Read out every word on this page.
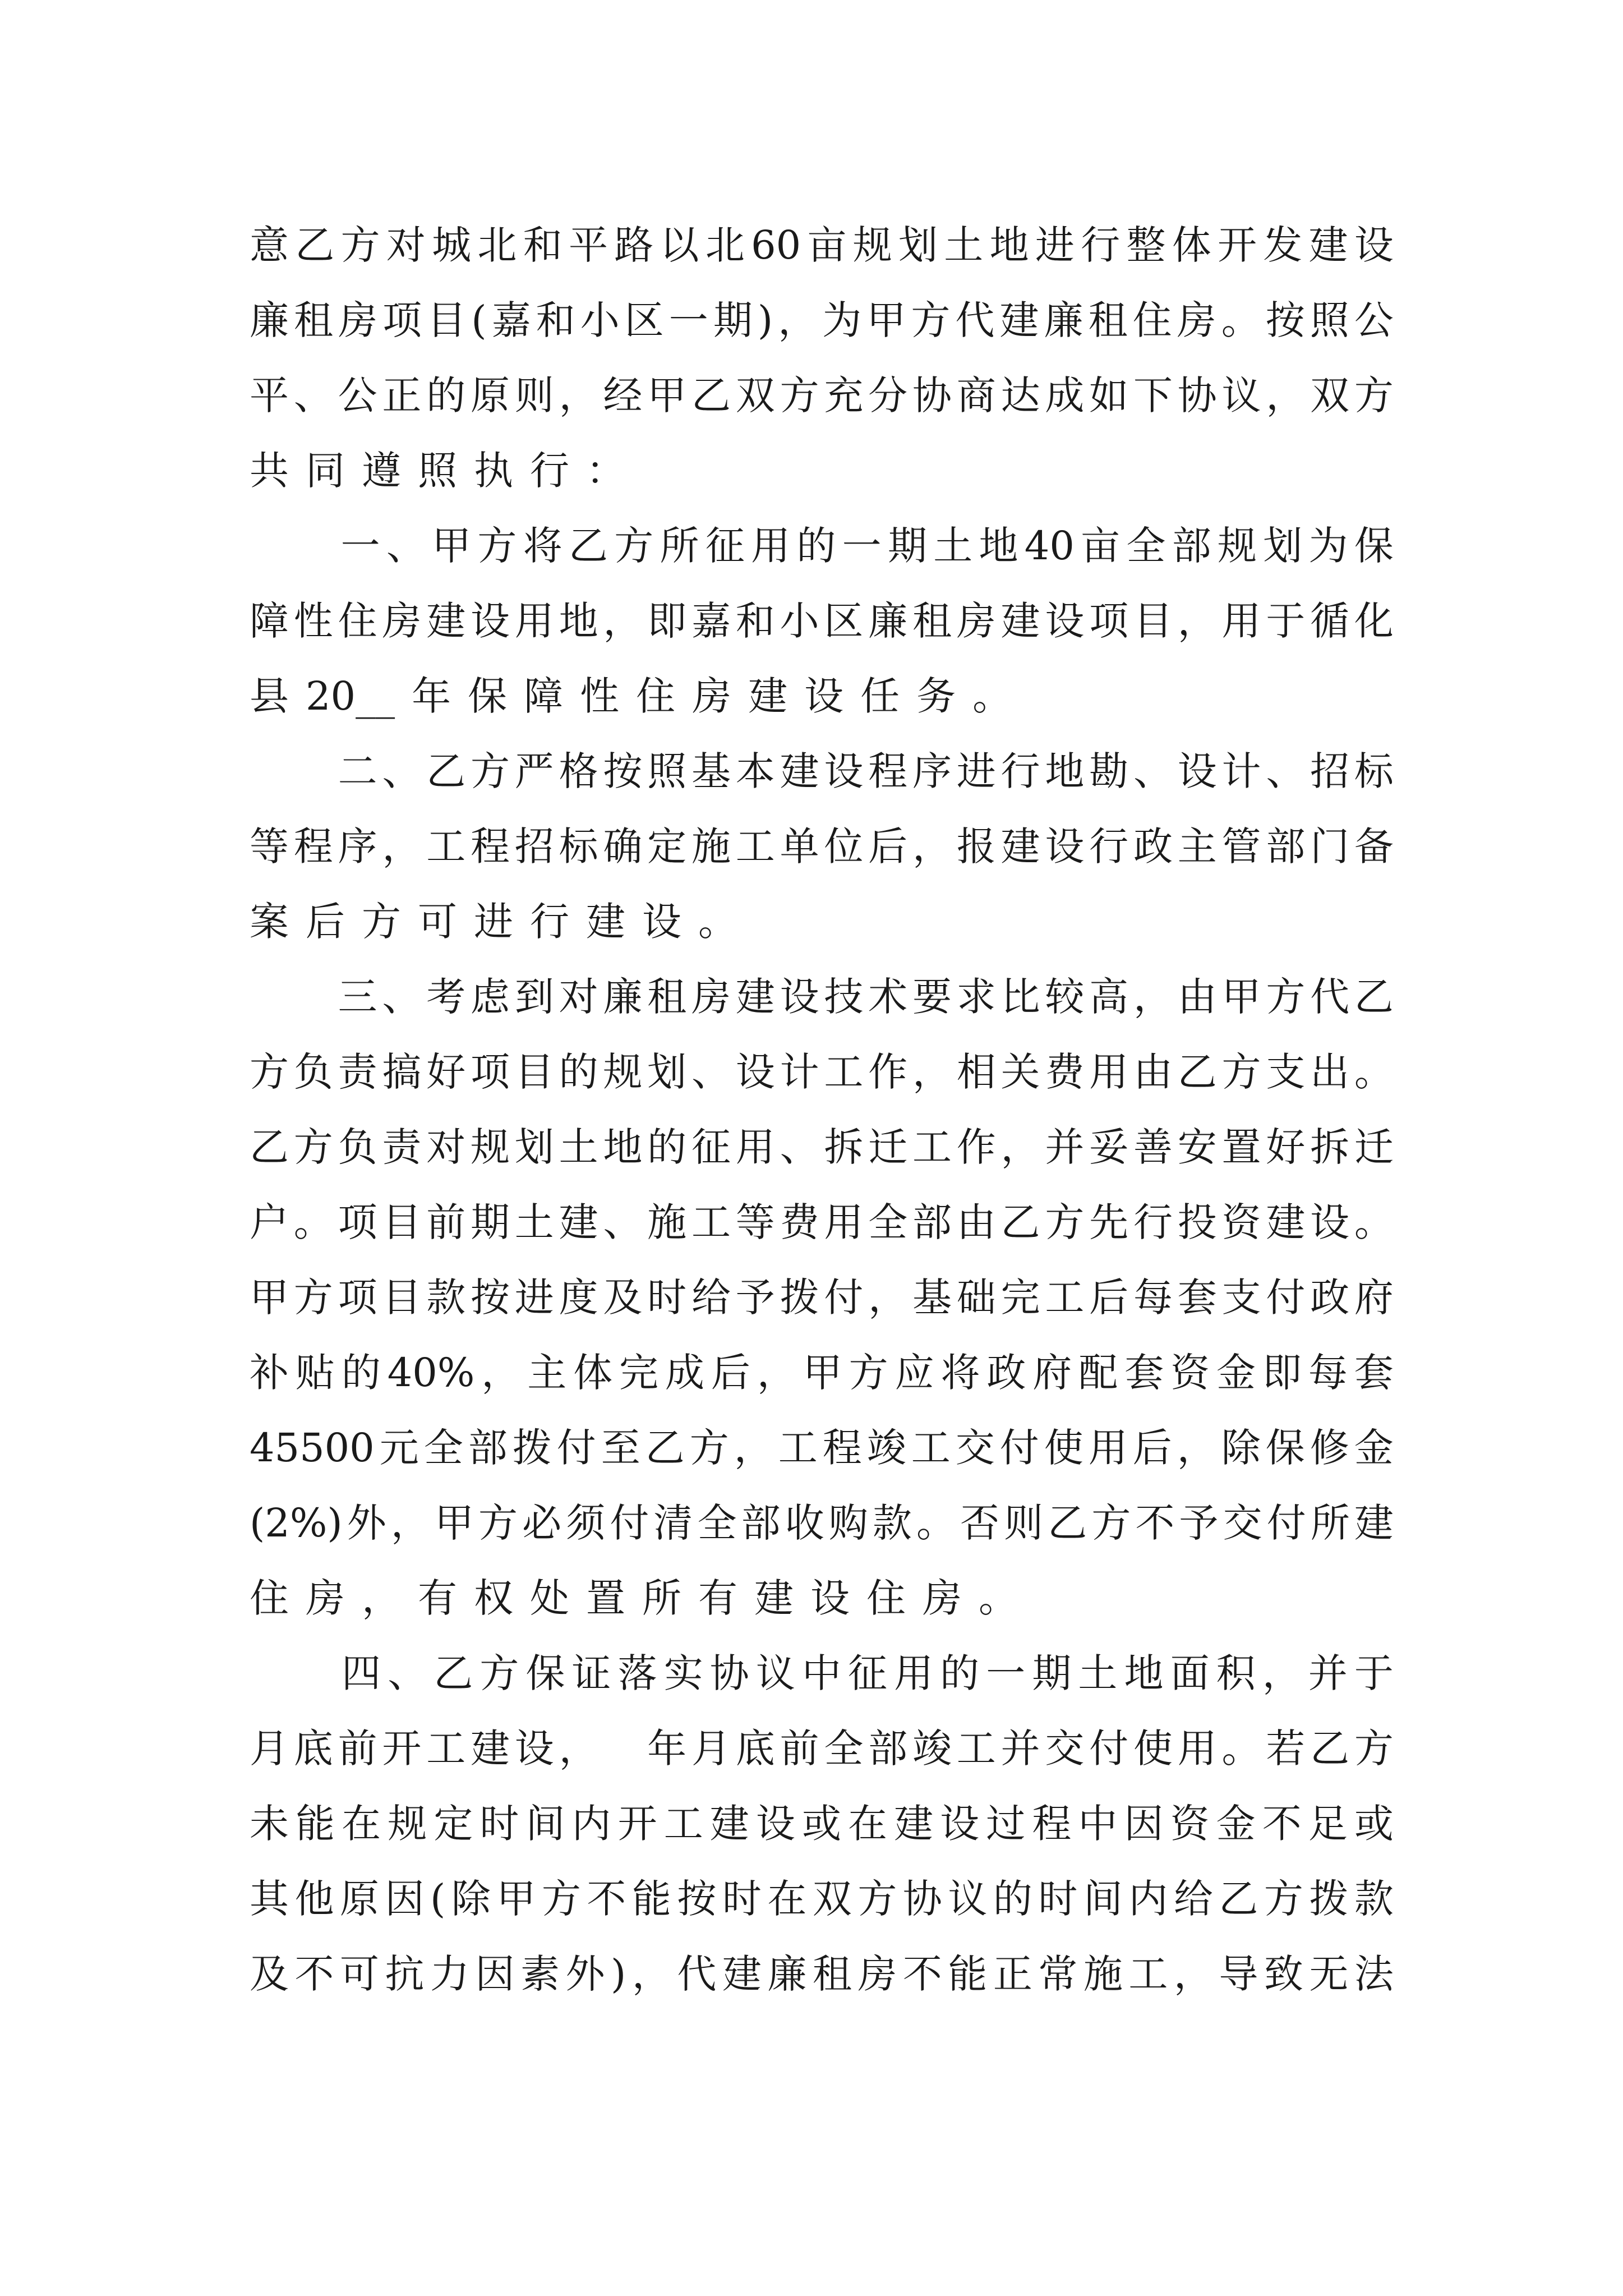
意 乙 方 对 城 北 和 平 路 以 北 60 亩 规 划 土 地 进 行 整 体 开 发 建 设
廉 租 房 项 目 ( 嘉 和 小 区 一 期 ) ， 为 甲 方 代 建 廉 租 住 房 。 按 照 公
平 、 公 正 的 原 则 ， 经 甲 乙 双 方 充 分 协 商 达 成 如 下 协 议 ， 双 方
共 同 遵 照 执 行 ：

一 、 甲 方 将 乙 方 所 征 用 的 一 期 土 地 40 亩 全 部 规 划 为 保
障 性 住 房 建 设 用 地 ， 即 嘉 和 小 区 廉 租 房 建 设 项 目 ， 用 于 循 化
县 20__ 年 保 障 性 住 房 建 设 任 务 。

二 、 乙 方 严 格 按 照 基 本 建 设 程 序 进 行 地 勘 、 设 计 、 招 标
等 程 序 ， 工 程 招 标 确 定 施 工 单 位 后 ， 报 建 设 行 政 主 管 部 门 备
案 后 方 可 进 行 建 设 。

三 、 考 虑 到 对 廉 租 房 建 设 技 术 要 求 比 较 高 ， 由 甲 方 代 乙
方 负 责 搞 好 项 目 的 规 划 、 设 计 工 作 ， 相 关 费 用 由 乙 方 支 出 。
乙 方 负 责 对 规 划 土 地 的 征 用 、 拆 迁 工 作 ， 并 妥 善 安 置 好 拆 迁
户 。 项 目 前 期 土 建 、 施 工 等 费 用 全 部 由 乙 方 先 行 投 资 建 设 。
甲 方 项 目 款 按 进 度 及 时 给 予 拨 付 ， 基 础 完 工 后 每 套 支 付 政 府
补 贴 的 40% ， 主 体 完 成 后 ， 甲 方 应 将 政 府 配 套 资 金 即 每 套
45500 元 全 部 拨 付 至 乙 方 ， 工 程 竣 工 交 付 使 用 后 ， 除 保 修 金
(2%) 外 ， 甲 方 必 须 付 清 全 部 收 购 款 。 否 则 乙 方 不 予 交 付 所 建
住 房 ， 有 权 处 置 所 有 建 设 住 房 。

四 、 乙 方 保 证 落 实 协 议 中 征 用 的 一 期 土 地 面 积 ， 并 于
月 底 前 开 工 建 设 ，
　 年 月 底 前 全 部 竣 工 并 交 付 使 用 。 若 乙 方
未 能 在 规 定 时 间 内 开 工 建 设 或 在 建 设 过 程 中 因 资 金 不 足 或
其 他 原 因 ( 除 甲 方 不 能 按 时 在 双 方 协 议 的 时 间 内 给 乙 方 拨 款
及 不 可 抗 力 因 素 外 ) ， 代 建 廉 租 房 不 能 正 常 施 工 ， 导 致 无 法
